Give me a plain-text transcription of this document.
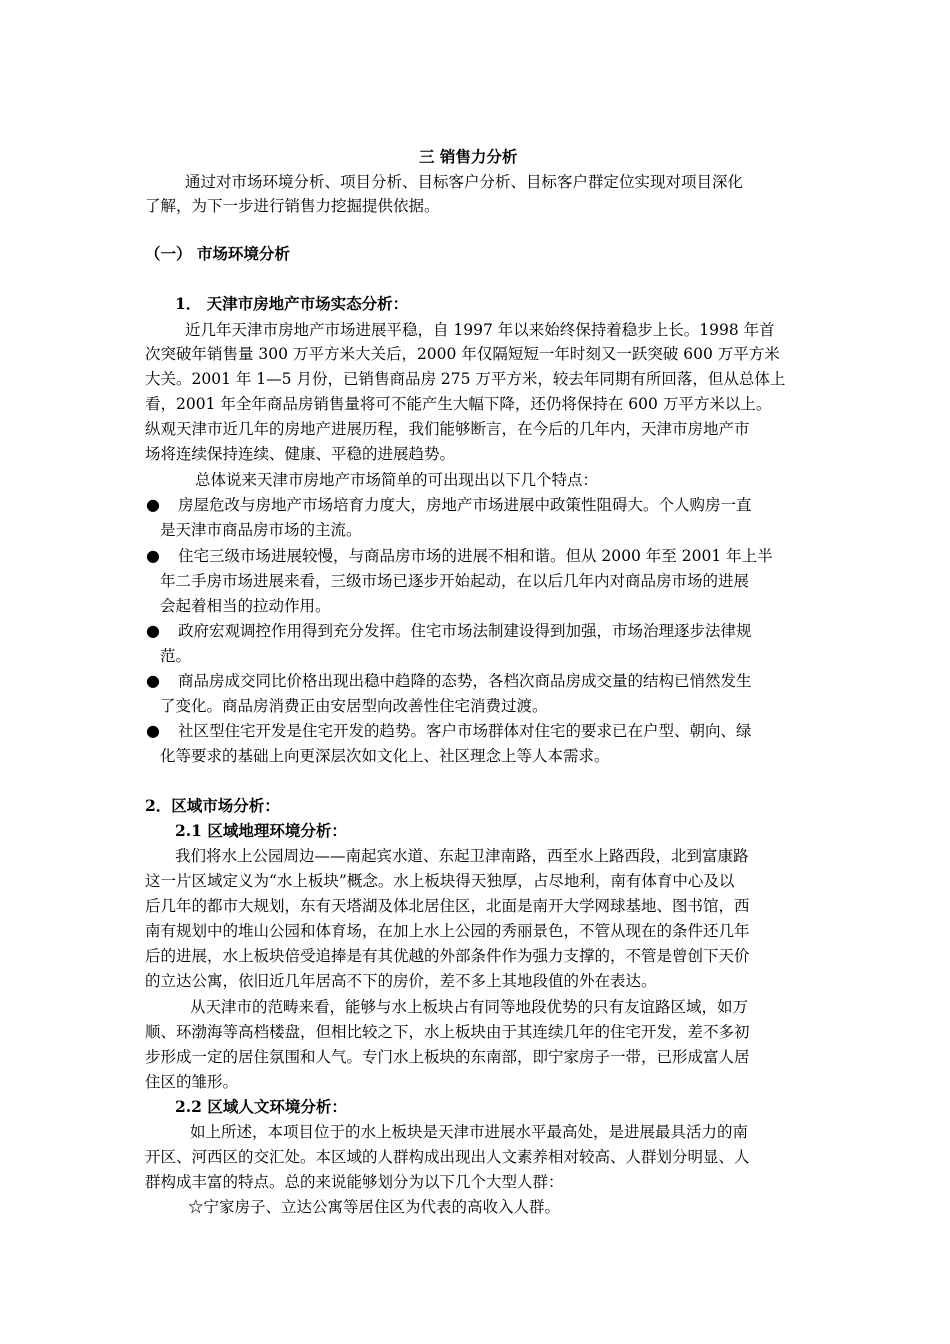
三 销售力分析
通过对市场环境分析、项目分析、目标客户分析、目标客户群定位实现对项目深化
了解，为下一步进行销售力挖掘提供依据。
（一） 市场环境分析
1． 天津市房地产市场实态分析：
近几年天津市房地产市场进展平稳，自 1997 年以来始终保持着稳步上长。1998 年首
次突破年销售量 300 万平方米大关后，2000 年仅隔短短一年时刻又一跃突破 600 万平方米
大关。2001 年 1—5 月份，已销售商品房 275 万平方米，较去年同期有所回落，但从总体上
看，2001 年全年商品房销售量将可不能产生大幅下降，还仍将保持在 600 万平方米以上。
纵观天津市近几年的房地产进展历程，我们能够断言，在今后的几年内，天津市房地产市
场将连续保持连续、健康、平稳的进展趋势。
总体说来天津市房地产市场简单的可出现出以下几个特点：
● 房屋危改与房地产市场培育力度大，房地产市场进展中政策性阻碍大。个人购房一直
是天津市商品房市场的主流。
● 住宅三级市场进展较慢，与商品房市场的进展不相和谐。但从 2000 年至 2001 年上半
年二手房市场进展来看，三级市场已逐步开始起动，在以后几年内对商品房市场的进展
会起着相当的拉动作用。
● 政府宏观调控作用得到充分发挥。住宅市场法制建设得到加强，市场治理逐步法律规
范。
● 商品房成交同比价格出现出稳中趋降的态势，各档次商品房成交量的结构已悄然发生
了变化。商品房消费正由安居型向改善性住宅消费过渡。
● 社区型住宅开发是住宅开发的趋势。客户市场群体对住宅的要求已在户型、朝向、绿
化等要求的基础上向更深层次如文化上、社区理念上等人本需求。
2．区域市场分析：
2.1 区域地理环境分析：
我们将水上公园周边——南起宾水道、东起卫津南路，西至水上路西段，北到富康路
这一片区域定义为“水上板块”概念。水上板块得天独厚，占尽地利，南有体育中心及以
后几年的都市大规划，东有天塔湖及体北居住区，北面是南开大学网球基地、图书馆，西
南有规划中的堆山公园和体育场，在加上水上公园的秀丽景色，不管从现在的条件还几年
后的进展，水上板块倍受追捧是有其优越的外部条件作为强力支撑的，不管是曾创下天价
的立达公寓，依旧近几年居高不下的房价，差不多上其地段值的外在表达。
从天津市的范畴来看，能够与水上板块占有同等地段优势的只有友谊路区域，如万
顺、环渤海等高档楼盘，但相比较之下，水上板块由于其连续几年的住宅开发，差不多初
步形成一定的居住氛围和人气。专门水上板块的东南部，即宁家房子一带，已形成富人居
住区的雏形。
2.2 区域人文环境分析：
如上所述，本项目位于的水上板块是天津市进展水平最高处，是进展最具活力的南
开区、河西区的交汇处。本区域的人群构成出现出人文素养相对较高、人群划分明显、人
群构成丰富的特点。总的来说能够划分为以下几个大型人群：
☆宁家房子、立达公寓等居住区为代表的高收入人群。
